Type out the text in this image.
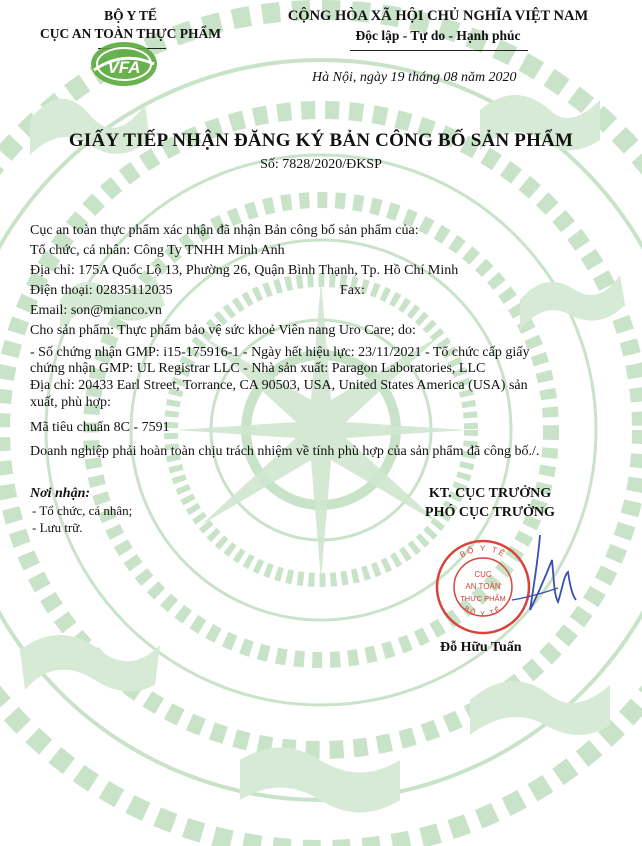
BỘ Y TẾ
CỤC AN TOÀN THỰC PHẨM
VFA
CỘNG HÒA XÃ HỘI CHỦ NGHĨA VIỆT NAM
Độc lập - Tự do - Hạnh phúc
Hà Nội, ngày 19 tháng 08 năm 2020
GIẤY TIẾP NHẬN ĐĂNG KÝ BẢN CÔNG BỐ SẢN PHẨM
Số: 7828/2020/ĐKSP
Cục an toàn thực phẩm xác nhận đã nhận Bản công bố sản phẩm của:
Tổ chức, cá nhân: Công Ty TNHH Minh Anh
Địa chỉ: 175A Quốc Lộ 13, Phường 26, Quận Bình Thạnh, Tp. Hồ Chí Minh
Điện thoại: 02835112035	Fax:
Email: son@mianco.vn
Cho sản phẩm: Thực phẩm bảo vệ sức khoẻ Viên nang Uro Care; do:
- Số chứng nhận GMP: i15-175916-1 - Ngày hết hiệu lực: 23/11/2021 - Tổ chức cấp giấy
chứng nhận GMP: UL Registrar LLC - Nhà sản xuất: Paragon Laboratories, LLC
Địa chỉ: 20433 Earl Street, Torrance, CA 90503, USA, United States America (USA) sản
xuất, phù hợp:
Mã tiêu chuẩn 8C - 7591
Doanh nghiệp phải hoàn toàn chịu trách nhiệm về tính phù hợp của sản phẩm đã công bố./.
Nơi nhận:
- Tổ chức, cá nhân;
- Lưu trữ.
KT. CỤC TRƯỞNG
PHÓ CỤC TRƯỞNG
BỘ Y TẾ
BỘ Y TẾ
CỤC
AN TOÀN
THỰC PHẨM
Đỗ Hữu Tuấn
